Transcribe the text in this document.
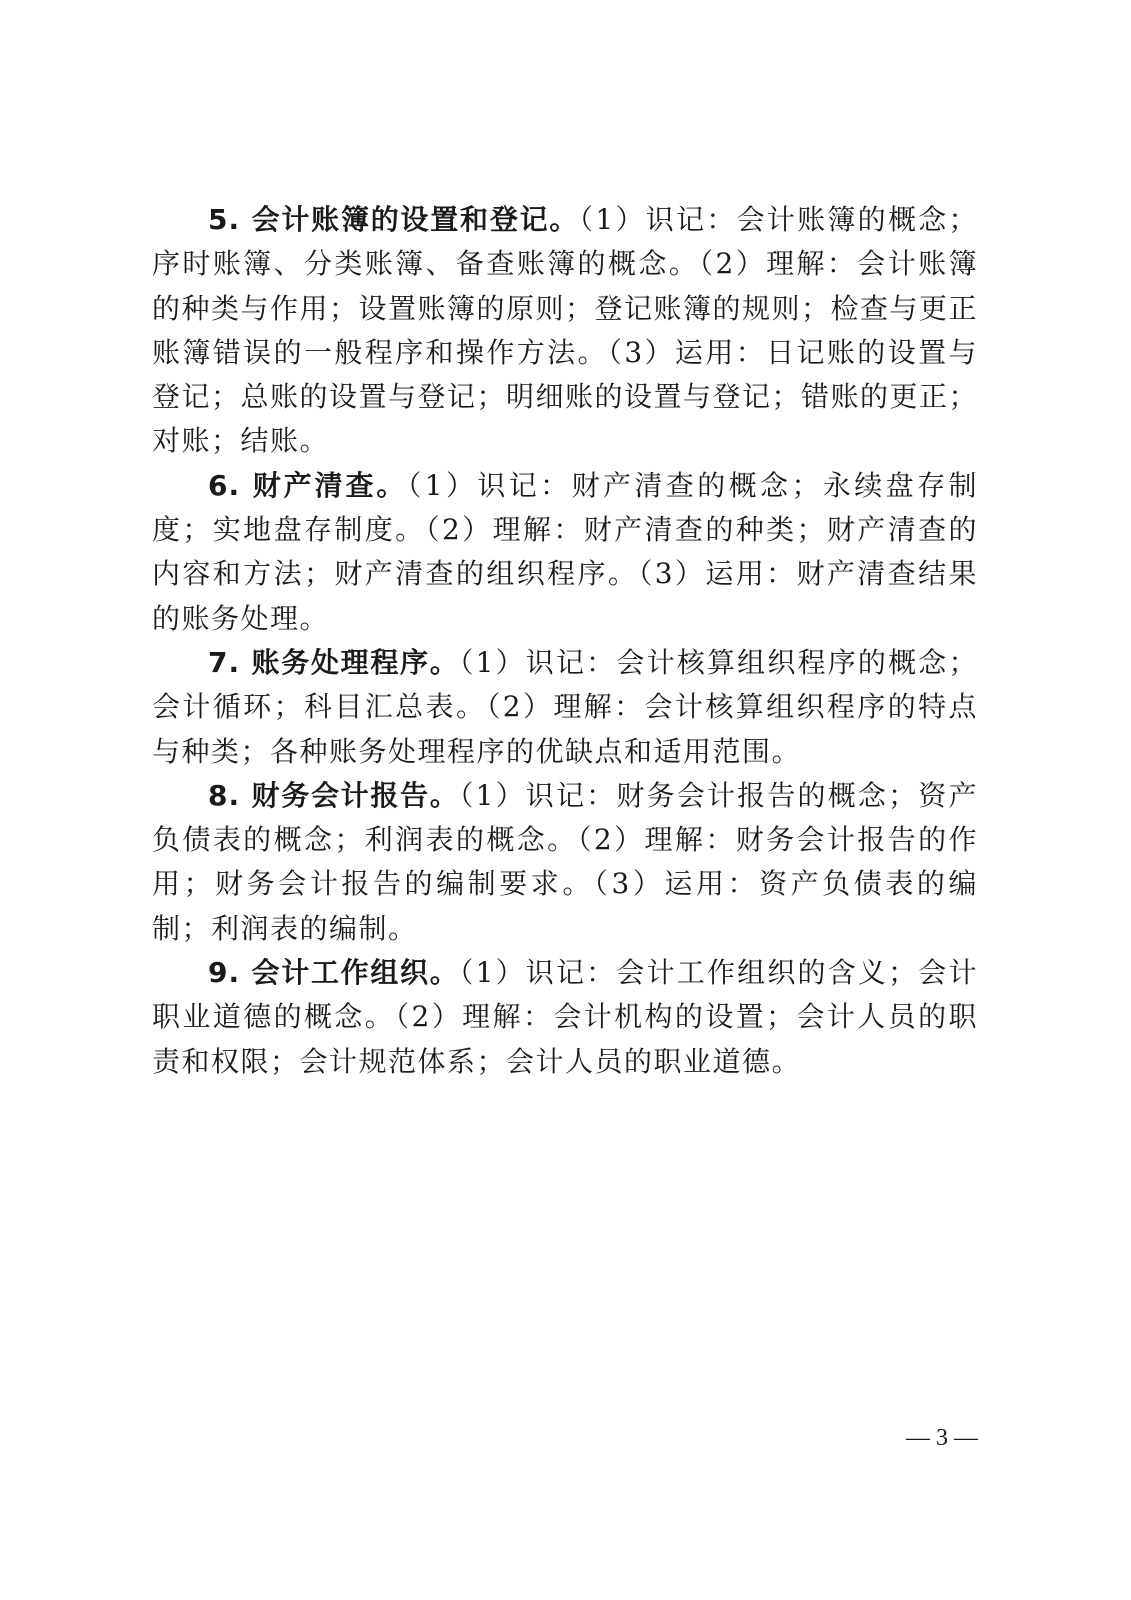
5. 会计账簿的设置和登记。（1）识记：会计账簿的概念；序时账簿、分类账簿、备查账簿的概念。（2）理解：会计账簿的种类与作用；设置账簿的原则；登记账簿的规则；检查与更正账簿错误的一般程序和操作方法。（3）运用：日记账的设置与登记；总账的设置与登记；明细账的设置与登记；错账的更正；对账；结账。

6. 财产清查。（1）识记：财产清查的概念；永续盘存制度；实地盘存制度。（2）理解：财产清查的种类；财产清查的内容和方法；财产清查的组织程序。（3）运用：财产清查结果的账务处理。

7. 账务处理程序。（1）识记：会计核算组织程序的概念；会计循环；科目汇总表。（2）理解：会计核算组织程序的特点与种类；各种账务处理程序的优缺点和适用范围。

8. 财务会计报告。（1）识记：财务会计报告的概念；资产负债表的概念；利润表的概念。（2）理解：财务会计报告的作用；财务会计报告的编制要求。（3）运用：资产负债表的编制；利润表的编制。

9. 会计工作组织。（1）识记：会计工作组织的含义；会计职业道德的概念。（2）理解：会计机构的设置；会计人员的职责和权限；会计规范体系；会计人员的职业道德。

— 3 —
